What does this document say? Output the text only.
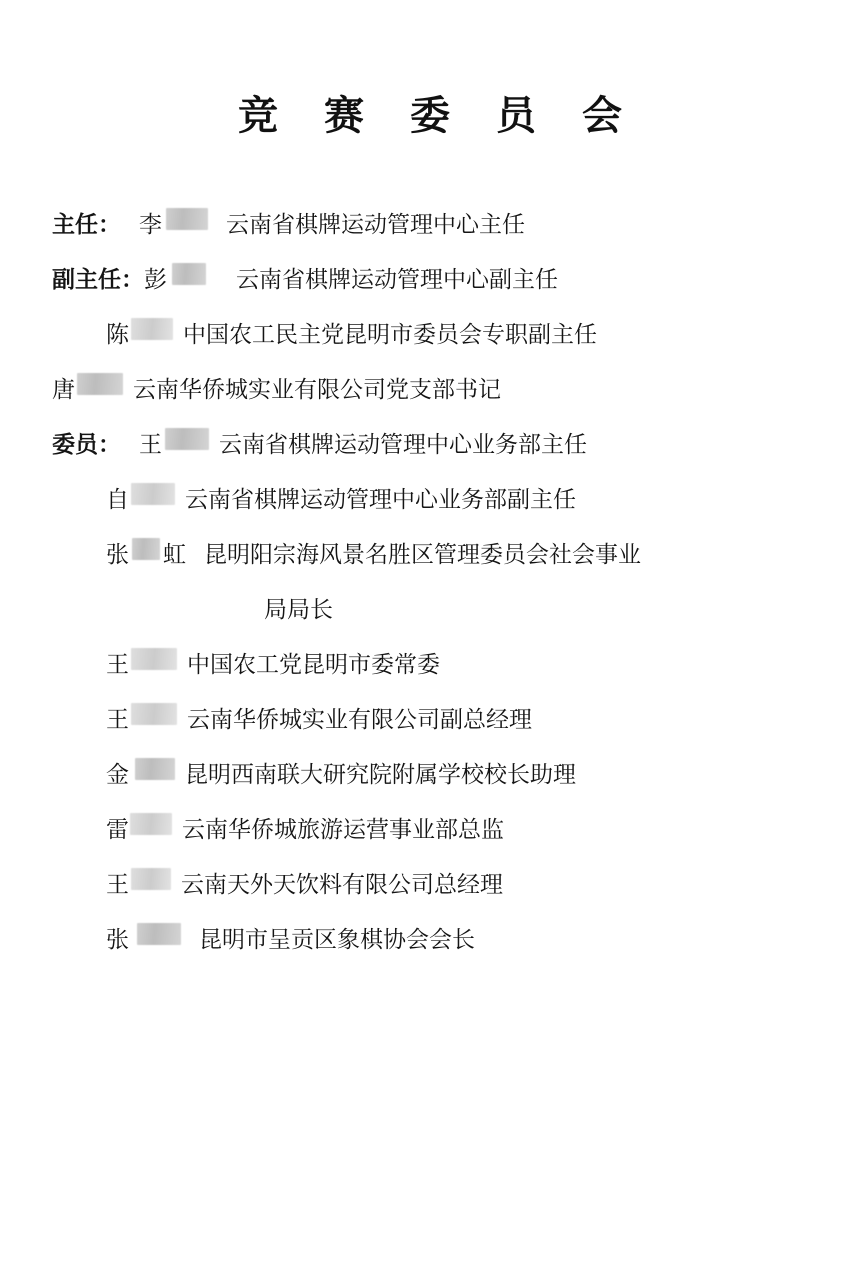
竞 赛 委 员 会
主任： 李	云南省棋牌运动管理中心主任
副主任： 彭	云南省棋牌运动管理中心副主任
陈 中国农工民主党昆明市委员会专职副主任
唐	云南华侨城实业有限公司党支部书记
委员： 王 云南省棋牌运动管理中心业务部主任
自 云南省棋牌运动管理中心业务部副主任
张 虹 昆明阳宗海风景名胜区管理委员会社会事业
局局长
王	中国农工党昆明市委常委
王	云南华侨城实业有限公司副总经理
金 昆明西南联大研究院附属学校校长助理
雷 云南华侨城旅游运营事业部总监
王 云南天外天饮料有限公司总经理
张	昆明市呈贡区象棋协会会长
